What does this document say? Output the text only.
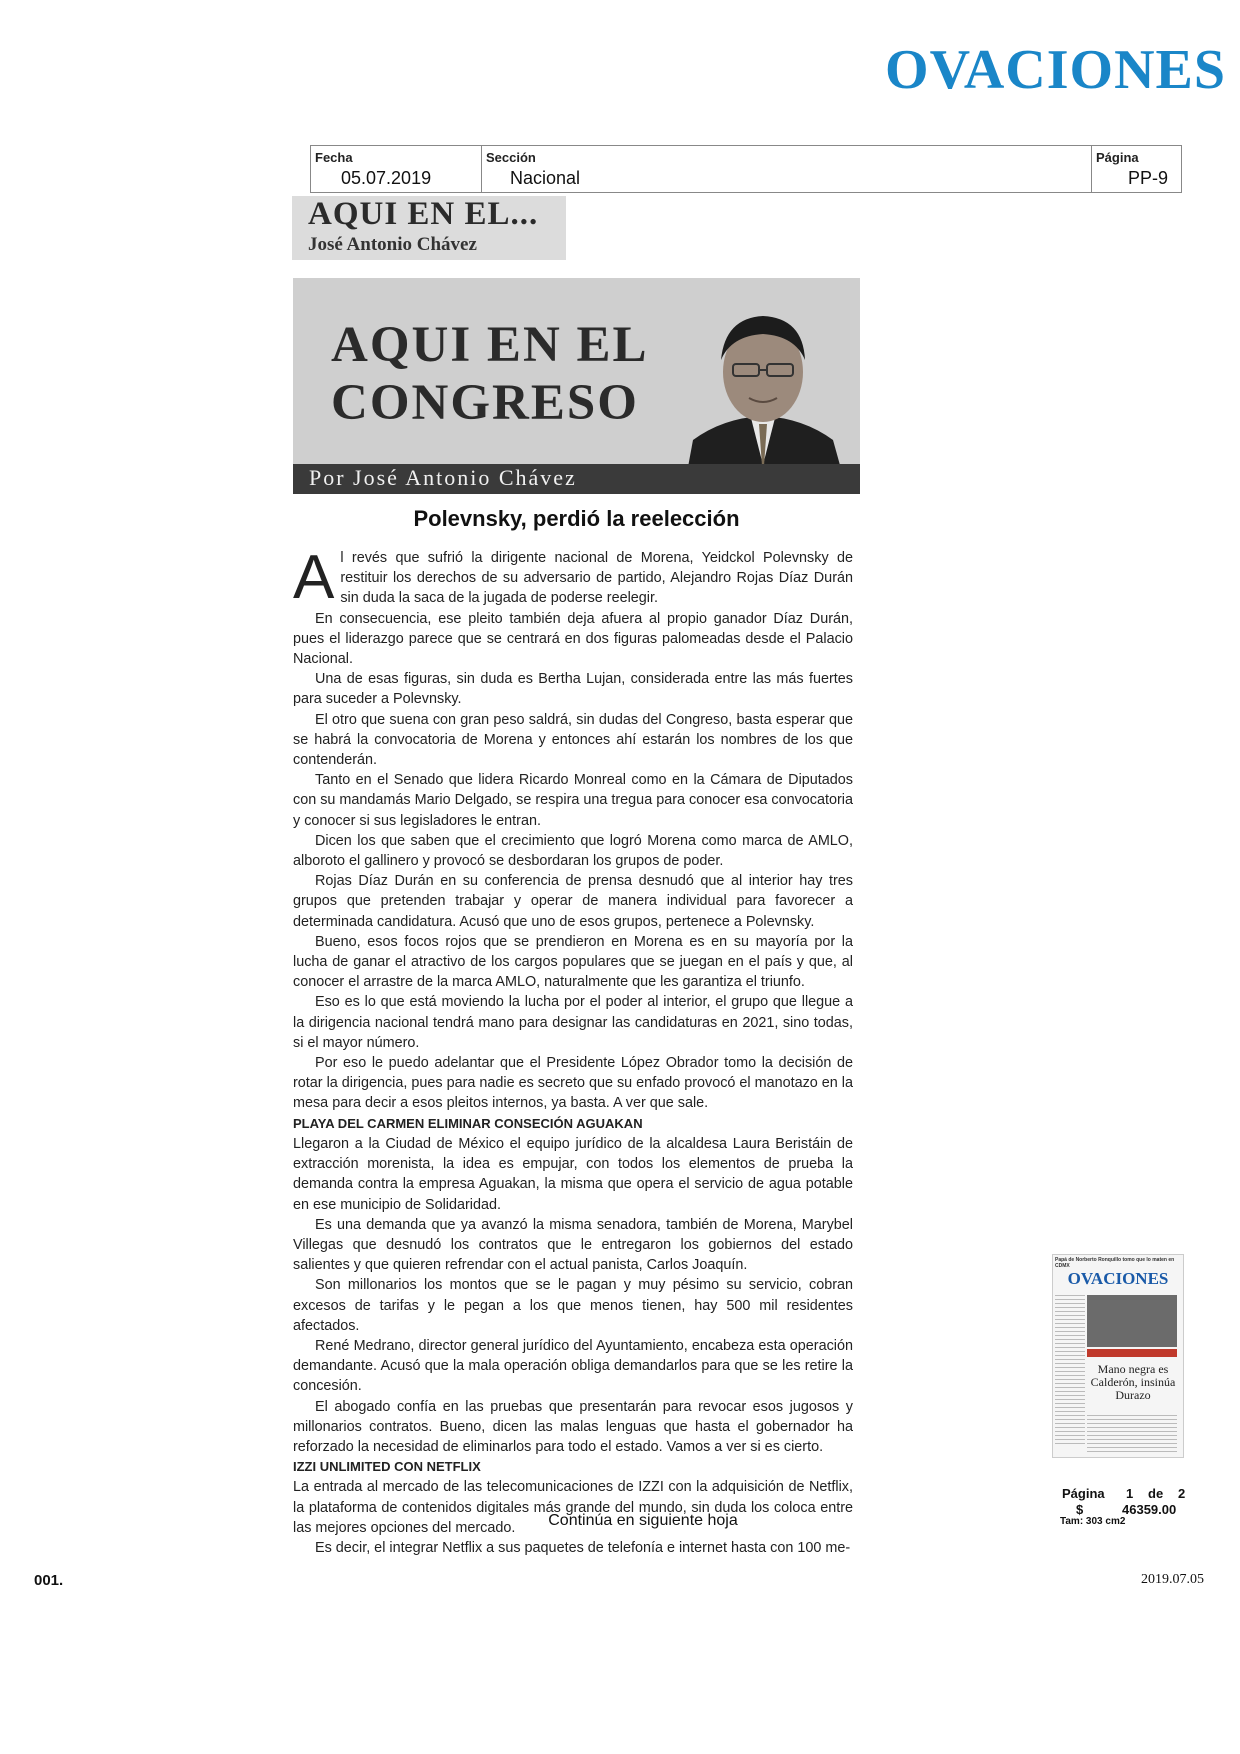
OVACIONES
Fecha
05.07.2019
Sección
Nacional
Página
PP-9
AQUI EN EL...
José Antonio Chávez
AQUI EN EL
CONGRESO
Por José Antonio Chávez
Polevnsky, perdió la reelección

Al revés que sufrió la dirigente nacional de Morena, Yeidckol Polevnsky de restituir los derechos de su adversario de partido, Alejandro Rojas Díaz Durán sin duda la saca de la jugada de poderse reelegir.

En consecuencia, ese pleito también deja afuera al propio ganador Díaz Durán, pues el liderazgo parece que se centrará en dos figuras palomeadas desde el Palacio Nacional.

Una de esas figuras, sin duda es Bertha Lujan, considerada entre las más fuertes para suceder a Polevnsky.

El otro que suena con gran peso saldrá, sin dudas del Congreso, basta esperar que se habrá la convocatoria de Morena y entonces ahí estarán los nombres de los que contenderán.

Tanto en el Senado que lidera Ricardo Monreal como en la Cámara de Diputados con su mandamás Mario Delgado, se respira una tregua para conocer esa convocatoria y conocer si sus legisladores le entran.

Dicen los que saben que el crecimiento que logró Morena como marca de AMLO, alboroto el gallinero y provocó se desbordaran los grupos de poder.

Rojas Díaz Durán en su conferencia de prensa desnudó que al interior hay tres grupos que pretenden trabajar y operar de manera individual para favorecer a determinada candidatura. Acusó que uno de esos grupos, pertenece a Polevnsky.

Bueno, esos focos rojos que se prendieron en Morena es en su mayoría por la lucha de ganar el atractivo de los cargos populares que se juegan en el país y que, al conocer el arrastre de la marca AMLO, naturalmente que les garantiza el triunfo.

Eso es lo que está moviendo la lucha por el poder al interior, el grupo que llegue a la dirigencia nacional tendrá mano para designar las candidaturas en 2021, sino todas, si el mayor número.

Por eso le puedo adelantar que el Presidente López Obrador tomo la decisión de rotar la dirigencia, pues para nadie es secreto que su enfado provocó el manotazo en la mesa para decir a esos pleitos internos, ya basta. A ver que sale.

PLAYA DEL CARMEN ELIMINAR CONSECIÓN AGUAKAN

Llegaron a la Ciudad de México el equipo jurídico de la alcaldesa Laura Beristáin de extracción morenista, la idea es empujar, con todos los elementos de prueba la demanda contra la empresa Aguakan, la misma que opera el servicio de agua potable en ese municipio de Solidaridad.

Es una demanda que ya avanzó la misma senadora, también de Morena, Marybel Villegas que desnudó los contratos que le entregaron los gobiernos del estado salientes y que quieren refrendar con el actual panista, Carlos Joaquín.

Son millonarios los montos que se le pagan y muy pésimo su servicio, cobran excesos de tarifas y le pegan a los que menos tienen, hay 500 mil residentes afectados.

René Medrano, director general jurídico del Ayuntamiento, encabeza esta operación demandante. Acusó que la mala operación obliga demandarlos para que se les retire la concesión.

El abogado confía en las pruebas que presentarán para revocar esos jugosos y millonarios contratos. Bueno, dicen las malas lenguas que hasta el gobernador ha reforzado la necesidad de eliminarlos para todo el estado. Vamos a ver si es cierto.

IZZI UNLIMITED CON NETFLIX

La entrada al mercado de las telecomunicaciones de IZZI con la adquisición de Netflix, la plataforma de contenidos digitales más grande del mundo, sin duda los coloca entre las mejores opciones del mercado.

Es decir, el integrar Netflix a sus paquetes de telefonía e internet hasta con 100 me-

Continúa en siguiente hoja
Papá de Norberto Ronquillo tomo que lo maten en CDMX
OVACIONES
Mano negra es Calderón, insinúa Durazo
Página 1 de 2
$	46359.00
Tam: 303 cm2
001.	2019.07.05
